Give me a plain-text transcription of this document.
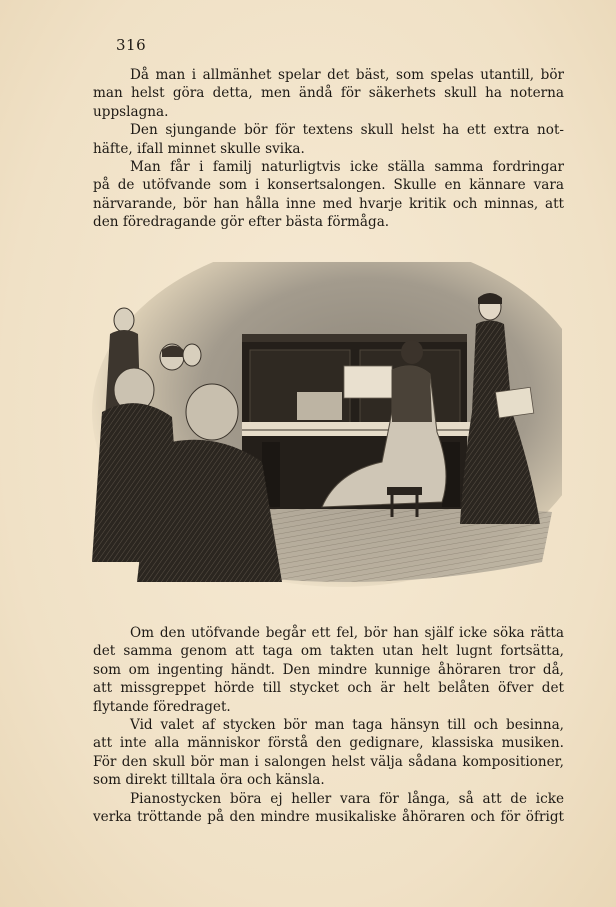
316

Då man i allmänhet spelar det bäst, som spelas utantill, bör
man helst göra detta, men ändå för säkerhets skull ha noterna
uppslagna.

Den sjungande bör för textens skull helst ha ett extra not-
häfte, ifall minnet skulle svika.

Man får i familj naturligtvis icke ställa samma fordringar
på de utöfvande som i konsertsalongen. Skulle en kännare vara
närvarande, bör han hålla inne med hvarje kritik och minnas, att
den föredragande gör efter bästa förmåga.

Om den utöfvande begår ett fel, bör han själf icke söka rätta
det samma genom att taga om takten utan helt lugnt fortsätta,
som om ingenting händt. Den mindre kunnige åhöraren tror då,
att missgreppet hörde till stycket och är helt belåten öfver det
flytande föredraget.

Vid valet af stycken bör man taga hänsyn till och besinna,
att inte alla människor förstå den gedignare, klassiska musiken.
För den skull bör man i salongen helst välja sådana kompositioner,
som direkt tilltala öra och känsla.

Pianostycken böra ej heller vara för långa, så att de icke
verka tröttande på den mindre musikaliske åhöraren och för öfrigt
